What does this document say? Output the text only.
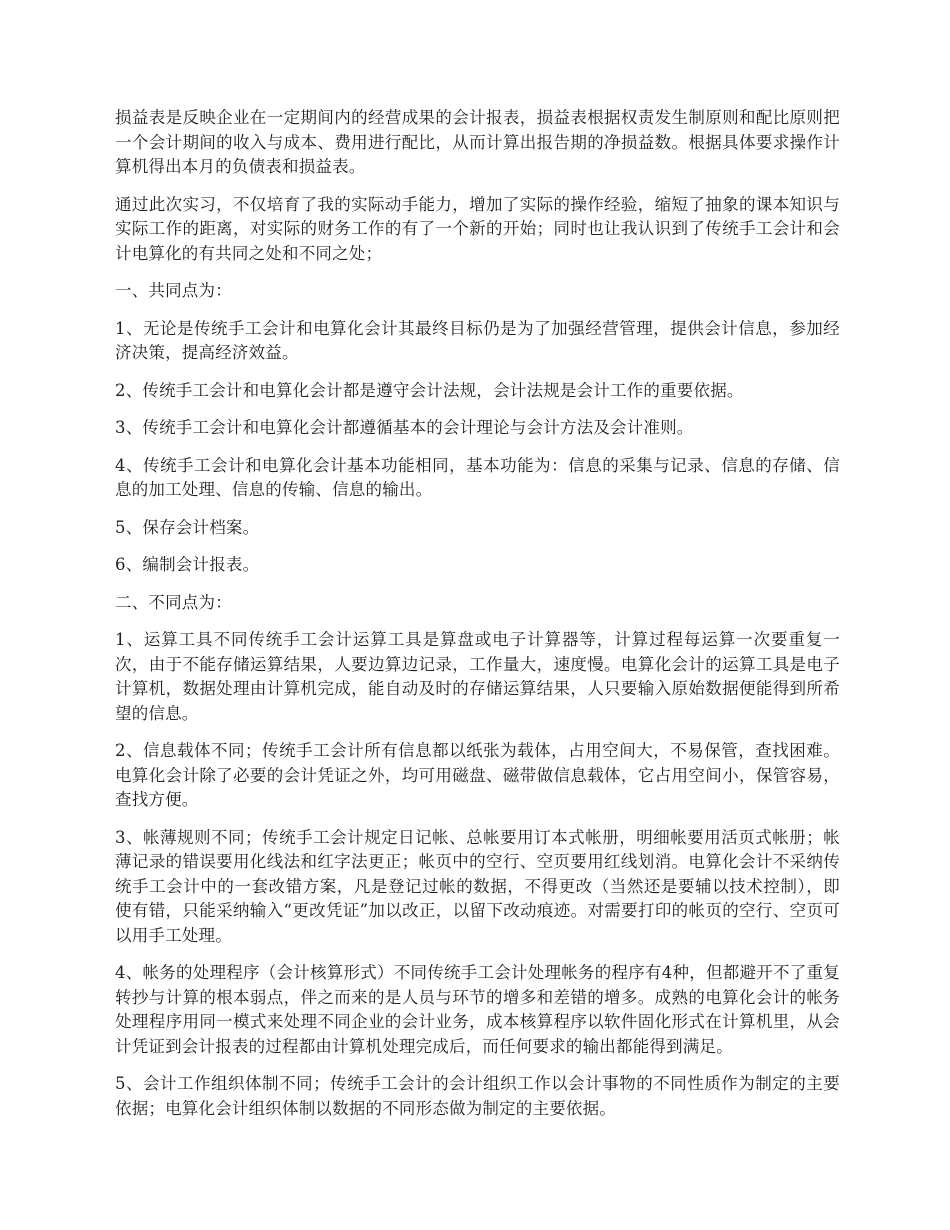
损益表是反映企业在一定期间内的经营成果的会计报表，损益表根据权责发生制原则和配比原则把一个会计期间的收入与成本、费用进行配比，从而计算出报告期的净损益数。根据具体要求操作计算机得出本月的负债表和损益表。

通过此次实习，不仅培育了我的实际动手能力，增加了实际的操作经验，缩短了抽象的课本知识与实际工作的距离，对实际的财务工作的有了一个新的开始；同时也让我认识到了传统手工会计和会计电算化的有共同之处和不同之处；

一、共同点为：

1、无论是传统手工会计和电算化会计其最终目标仍是为了加强经营管理，提供会计信息，参加经济决策，提高经济效益。

2、传统手工会计和电算化会计都是遵守会计法规，会计法规是会计工作的重要依据。

3、传统手工会计和电算化会计都遵循基本的会计理论与会计方法及会计准则。

4、传统手工会计和电算化会计基本功能相同，基本功能为：信息的采集与记录、信息的存储、信息的加工处理、信息的传输、信息的输出。

5、保存会计档案。

6、编制会计报表。

二、不同点为：

1、运算工具不同传统手工会计运算工具是算盘或电子计算器等，计算过程每运算一次要重复一次，由于不能存储运算结果，人要边算边记录，工作量大，速度慢。电算化会计的运算工具是电子计算机，数据处理由计算机完成，能自动及时的存储运算结果，人只要输入原始数据便能得到所希望的信息。

2、信息载体不同；传统手工会计所有信息都以纸张为载体，占用空间大，不易保管，查找困难。电算化会计除了必要的会计凭证之外，均可用磁盘、磁带做信息载体，它占用空间小，保管容易，查找方便。

3、帐薄规则不同；传统手工会计规定日记帐、总帐要用订本式帐册，明细帐要用活页式帐册；帐薄记录的错误要用化线法和红字法更正；帐页中的空行、空页要用红线划消。电算化会计不采纳传统手工会计中的一套改错方案，凡是登记过帐的数据，不得更改（当然还是要辅以技术控制），即使有错，只能采纳输入“更改凭证”加以改正，以留下改动痕迹。对需要打印的帐页的空行、空页可以用手工处理。

4、帐务的处理程序（会计核算形式）不同传统手工会计处理帐务的程序有4种，但都避开不了重复转抄与计算的根本弱点，伴之而来的是人员与环节的增多和差错的增多。成熟的电算化会计的帐务处理程序用同一模式来处理不同企业的会计业务，成本核算程序以软件固化形式在计算机里，从会计凭证到会计报表的过程都由计算机处理完成后，而任何要求的输出都能得到满足。

5、会计工作组织体制不同；传统手工会计的会计组织工作以会计事物的不同性质作为制定的主要依据；电算化会计组织体制以数据的不同形态做为制定的主要依据。
